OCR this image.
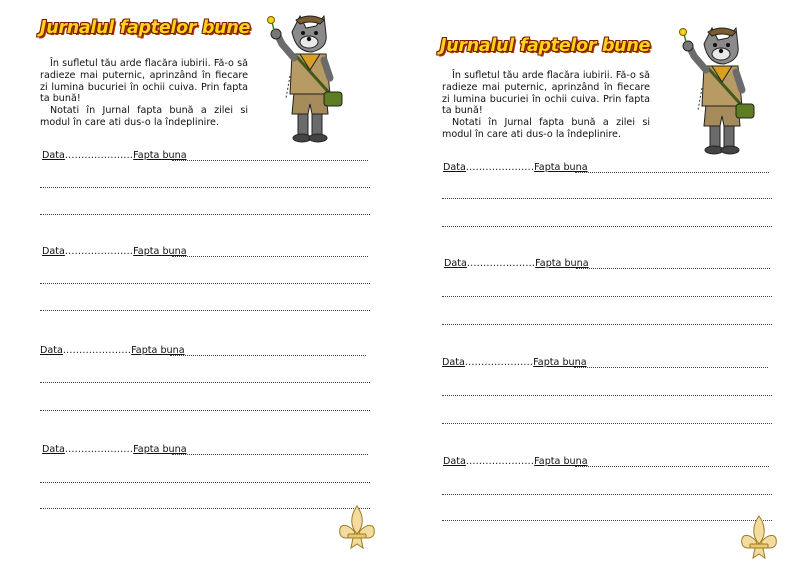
Jurnalul faptelor bune

În sufletul tău arde flacăra iubirii. Fă-o să radieze mai puternic, aprinzând în fiecare zi lumina bucuriei în ochii cuiva. Prin fapta ta bună!

Notati în Jurnal fapta bună a zilei si modul în care ati dus-o la îndeplinire.

Data.....................Fapta buna
Data.....................Fapta buna
Data.....................Fapta buna
Data.....................Fapta buna
Jurnalul faptelor bune

În sufletul tău arde flacăra iubirii. Fă-o să radieze mai puternic, aprinzând în fiecare zi lumina bucuriei în ochii cuiva. Prin fapta ta bună!

Notati în Jurnal fapta bună a zilei si modul în care ati dus-o la îndeplinire.

Data.....................Fapta buna
Data.....................Fapta buna
Data.....................Fapta buna
Data.....................Fapta buna
